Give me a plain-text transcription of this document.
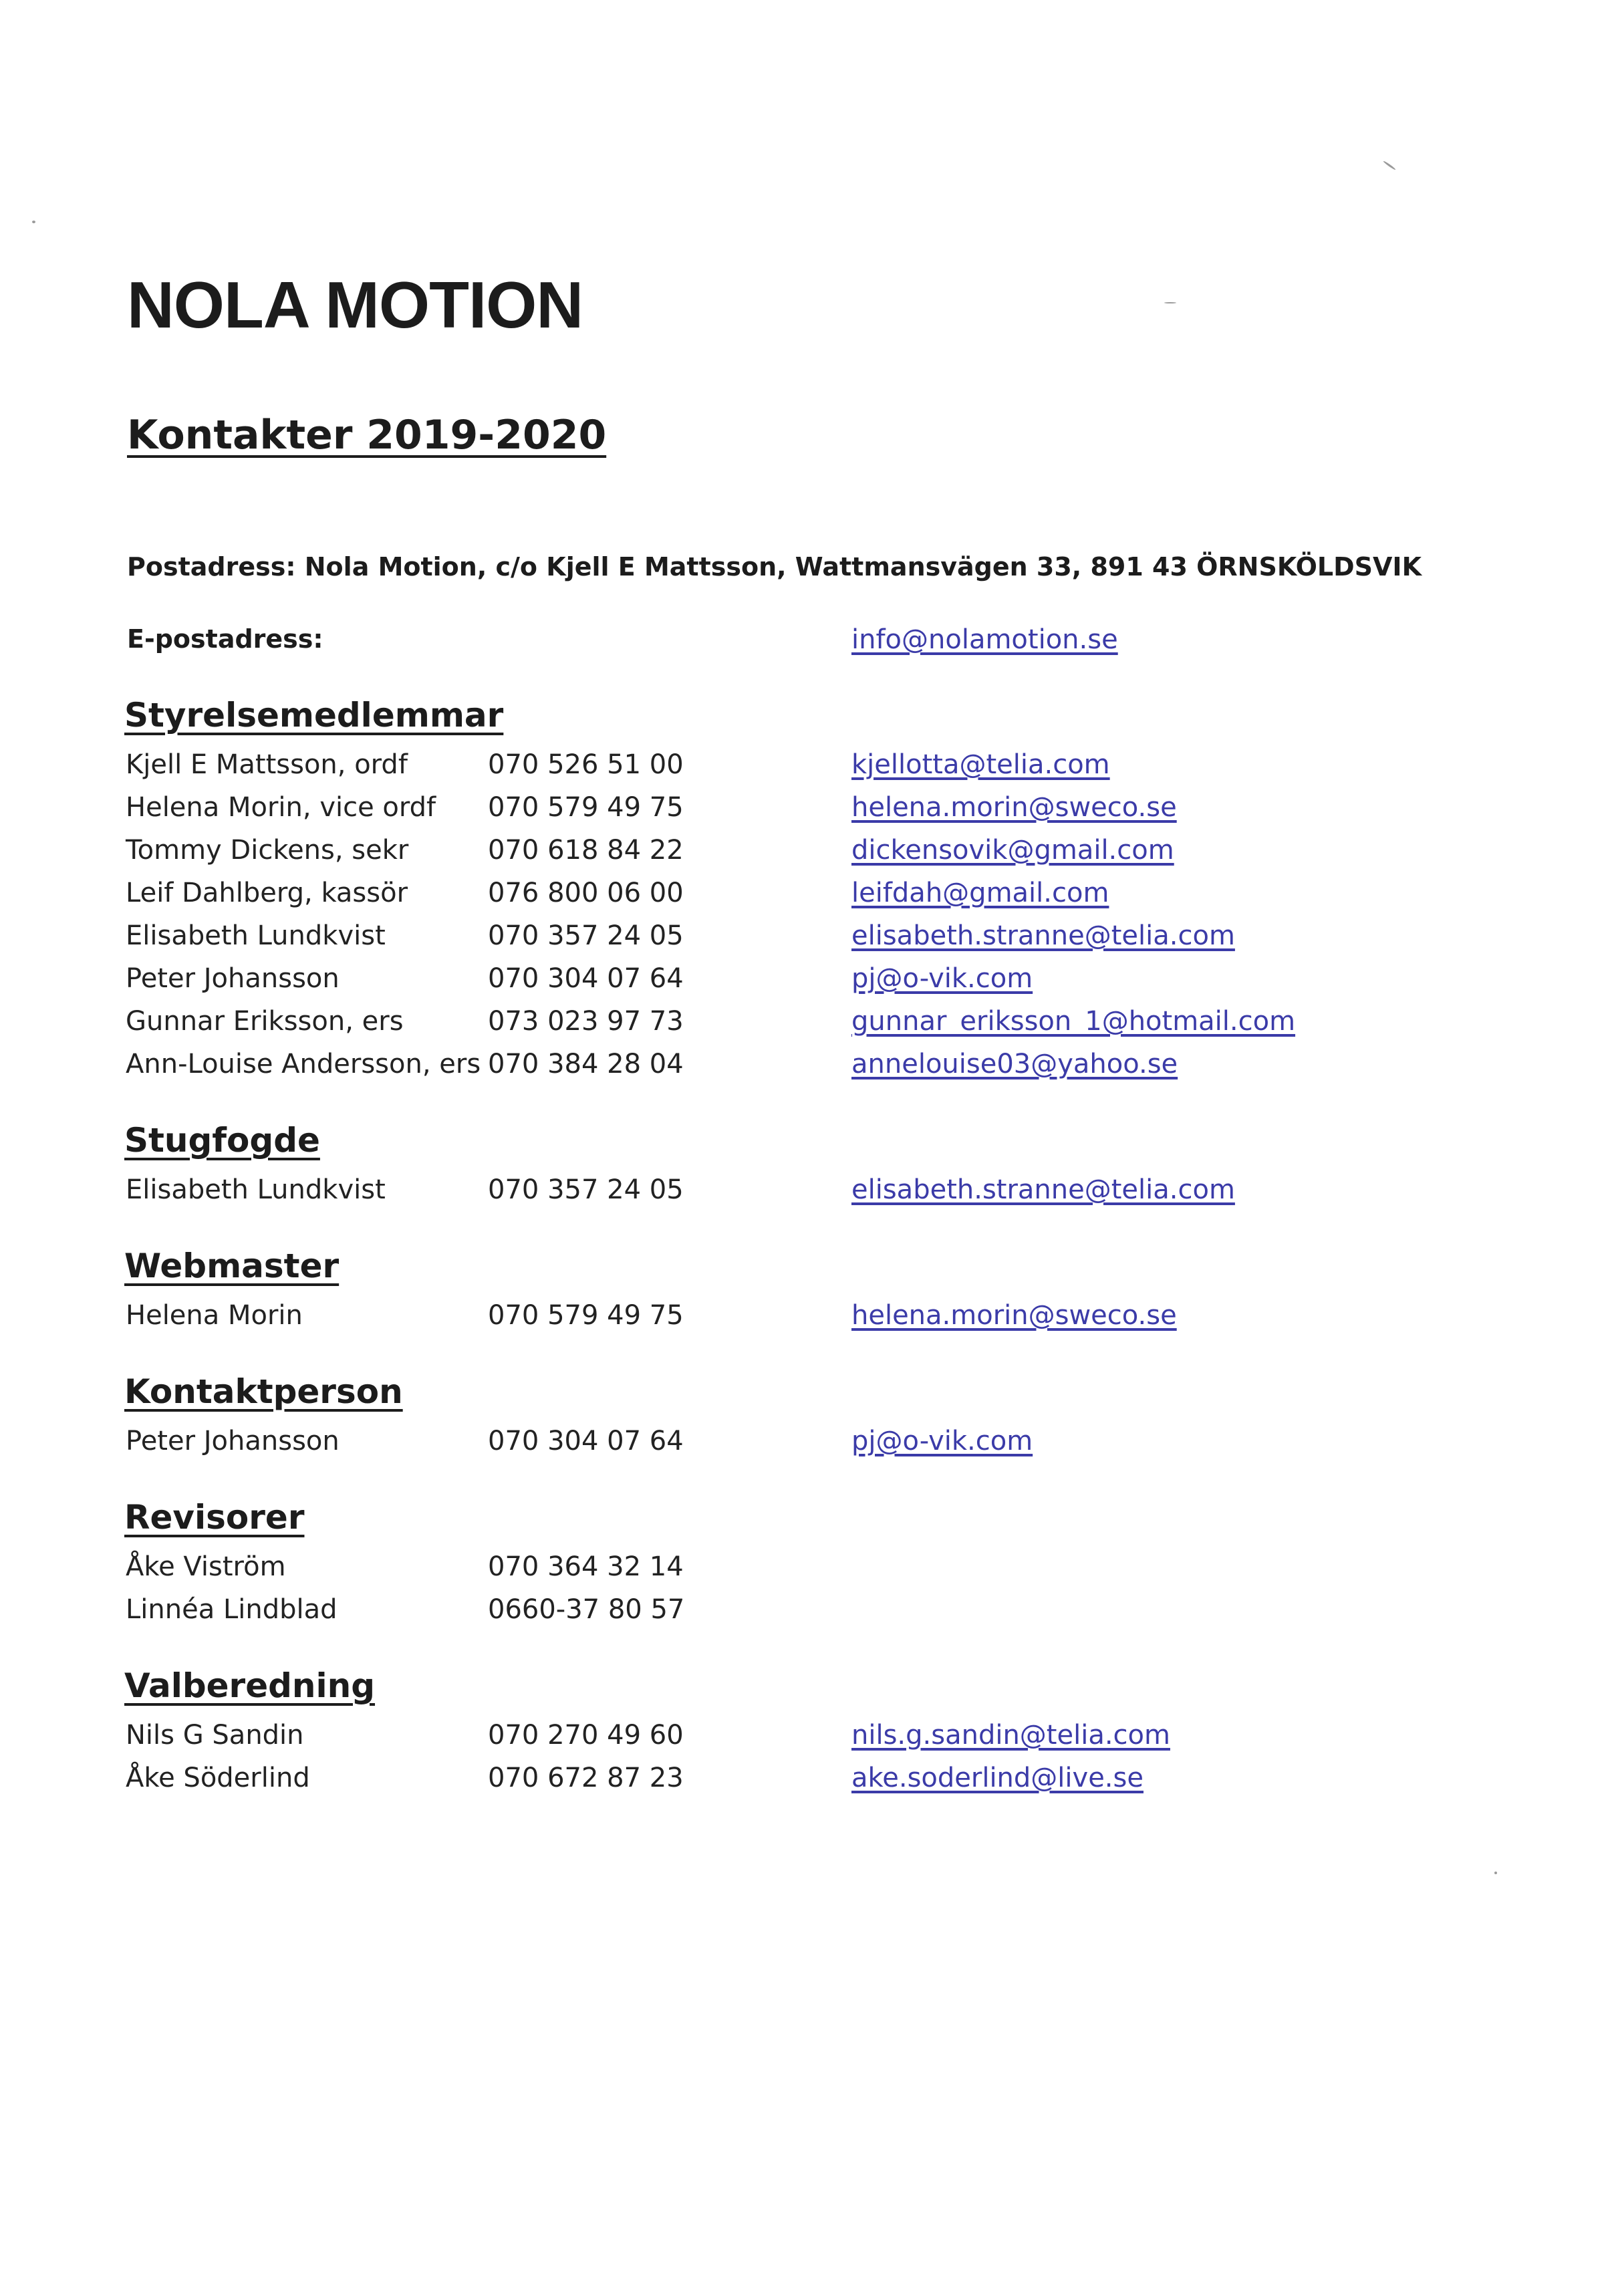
NOLA MOTION
Kontakter 2019-2020
Postadress: Nola Motion, c/o Kjell E Mattsson, Wattmansvägen 33, 891 43 ÖRNSKÖLDSVIK
E-postadress:	info@nolamotion.se
Styrelsemedlemmar
Kjell E Mattsson, ordf	070 526 51 00	kjellotta@telia.com
Helena Morin, vice ordf 070 579 49 75	helena.morin@sweco.se
Tommy Dickens, sekr	070 618 84 22	dickensovik@gmail.com
Leif Dahlberg, kassör	076 800 06 00	leifdah@gmail.com
Elisabeth Lundkvist	070 357 24 05	elisabeth.stranne@telia.com
Peter Johansson	070 304 07 64	pj@o-vik.com
Gunnar Eriksson, ers	073 023 97 73	gunnar_eriksson_1@hotmail.com
Ann-Louise Andersson, ers 070 384 28 04	annelouise03@yahoo.se
Stugfogde
Elisabeth Lundkvist	070 357 24 05	elisabeth.stranne@telia.com
Webmaster
Helena Morin	070 579 49 75	helena.morin@sweco.se
Kontaktperson
Peter Johansson	070 304 07 64	pj@o-vik.com
Revisorer
Åke Viström	070 364 32 14
Linnéa Lindblad	0660-37 80 57
Valberedning
Nils G Sandin	070 270 49 60	nils.g.sandin@telia.com
Åke Söderlind	070 672 87 23	ake.soderlind@live.se
